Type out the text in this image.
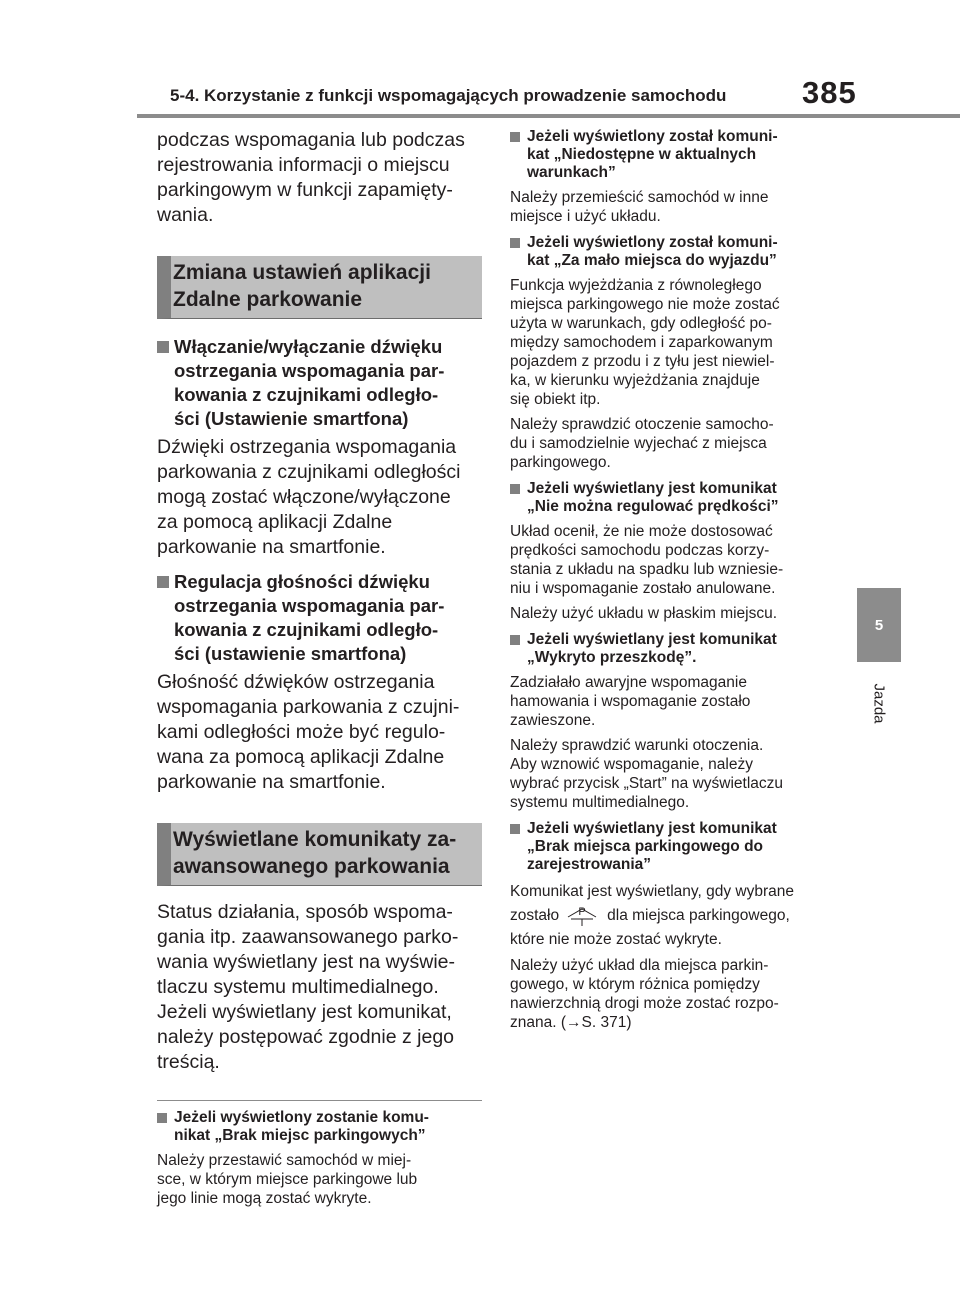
5-4. Korzystanie z funkcji wspomagających prowadzenie samochodu 385
5
Jazda
podczas wspomagania lub podczas
rejestrowania informacji o miejscu
parkingowym w funkcji zapamięty-
wania.
Zmiana ustawień aplikacji
Zdalne parkowanie
Włączanie/wyłączanie dźwięku
ostrzegania wspomagania par-
kowania z czujnikami odległo-
ści (Ustawienie smartfona)
Dźwięki ostrzegania wspomagania
parkowania z czujnikami odległości
mogą zostać włączone/wyłączone
za pomocą aplikacji Zdalne
parkowanie na smartfonie.
Regulacja głośności dźwięku
ostrzegania wspomagania par-
kowania z czujnikami odległo-
ści (ustawienie smartfona)
Głośność dźwięków ostrzegania
wspomagania parkowania z czujni-
kami odległości może być regulo-
wana za pomocą aplikacji Zdalne
parkowanie na smartfonie.
Wyświetlane komunikaty za-
awansowanego parkowania
Status działania, sposób wspoma-
gania itp. zaawansowanego parko-
wania wyświetlany jest na wyświe-
tlaczu systemu multimedialnego.
Jeżeli wyświetlany jest komunikat,
należy postępować zgodnie z jego
treścią.
Jeżeli wyświetlony zostanie komu-
nikat „Brak miejsc parkingowych”
Należy przestawić samochód w miej-
sce, w którym miejsce parkingowe lub
jego linie mogą zostać wykryte.
Jeżeli wyświetlony został komuni-
kat „Niedostępne w aktualnych
warunkach”
Należy przemieścić samochód w inne
miejsce i użyć układu.
Jeżeli wyświetlony został komuni-
kat „Za mało miejsca do wyjazdu”
Funkcja wyjeżdżania z równoległego
miejsca parkingowego nie może zostać
użyta w warunkach, gdy odległość po-
między samochodem i zaparkowanym
pojazdem z przodu i z tyłu jest niewiel-
ka, w kierunku wyjeżdżania znajduje
się obiekt itp.
Należy sprawdzić otoczenie samocho-
du i samodzielnie wyjechać z miejsca
parkingowego.
Jeżeli wyświetlany jest komunikat
„Nie można regulować prędkości”
Układ ocenił, że nie może dostosować
prędkości samochodu podczas korzy-
stania z układu na spadku lub wzniesie-
niu i wspomaganie zostało anulowane.
Należy użyć układu w płaskim miejscu.
Jeżeli wyświetlany jest komunikat
„Wykryto przeszkodę”.
Zadziałało awaryjne wspomaganie
hamowania i wspomaganie zostało
zawieszone.
Należy sprawdzić warunki otoczenia.
Aby wznowić wspomaganie, należy
wybrać przycisk „Start” na wyświetlaczu
systemu multimedialnego.
Jeżeli wyświetlany jest komunikat
„Brak miejsca parkingowego do
zarejestrowania”
Komunikat jest wyświetlany, gdy wybrane
zostało P dla miejsca parkingowego,
które nie może zostać wykryte.
Należy użyć układ dla miejsca parkin-
gowego, w którym różnica pomiędzy
nawierzchnią drogi może zostać rozpo-
znana. (→S. 371)
